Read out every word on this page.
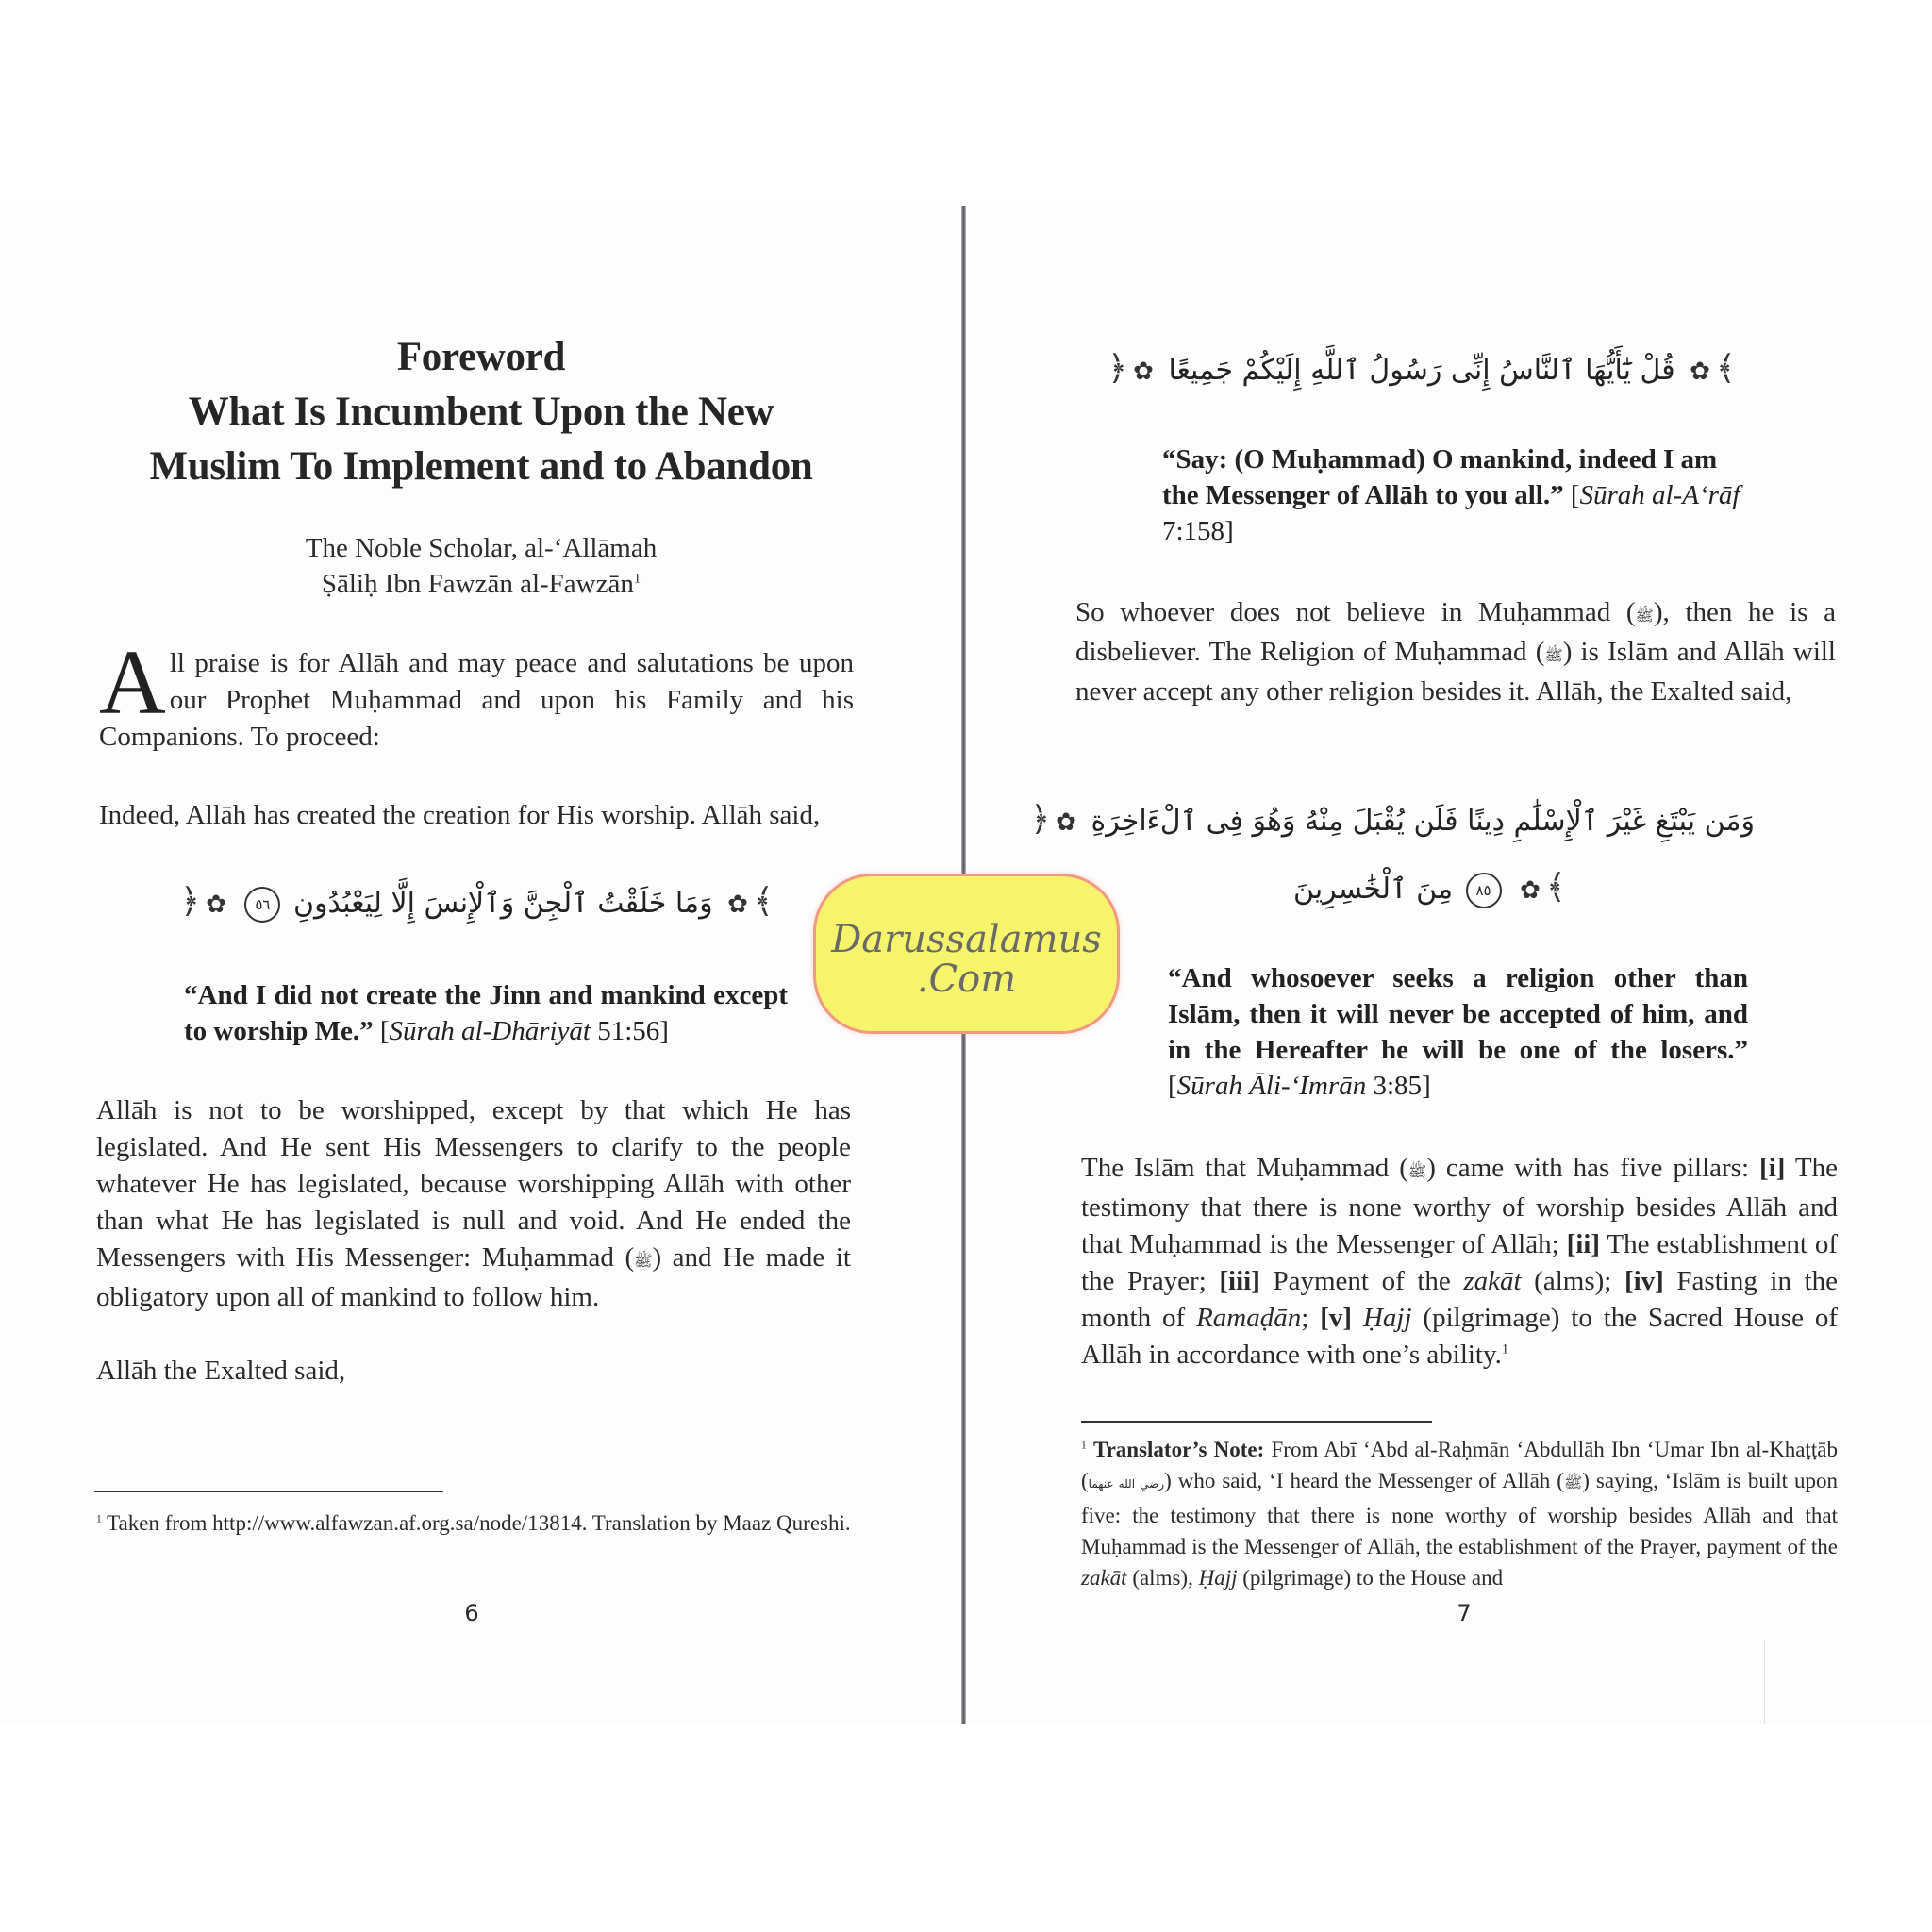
Foreword
What Is Incumbent Upon the New
Muslim To Implement and to Abandon
The Noble Scholar, al-‘Allāmah
Ṣāliḥ Ibn Fawzān al-Fawzān$^1$
All praise is for Allāh and may peace and salutations be upon our Prophet Muḥammad and upon his Family and his Companions. To proceed:
Indeed, Allāh has created the creation for His worship. Allāh said,
﴾✿ وَمَا خَلَقْتُ ٱلْجِنَّ وَٱلْإِنسَ إِلَّا لِيَعْبُدُونِ ٥٦ ✿﴿
“And I did not create the Jinn and mankind except to worship Me.” [Sūrah al-Dhāriyāt 51:56]
Allāh is not to be worshipped, except by that which He has legislated. And He sent His Messengers to clarify to the people whatever He has legislated, because worshipping Allāh with other than what He has legislated is null and void. And He ended the Messengers with His Messenger: Muḥammad (ﷺ) and He made it obligatory upon all of mankind to follow him.
Allāh the Exalted said,
$^1$ Taken from http://www.alfawzan.af.org.sa/node/13814. Translation by Maaz Qureshi.
6
﴾✿ قُلْ يَٰٓأَيُّهَا ٱلنَّاسُ إِنِّى رَسُولُ ٱللَّهِ إِلَيْكُمْ جَمِيعًا ✿﴿
“Say: (O Muḥammad) O mankind, indeed I am the Messenger of Allāh to you all.” [Sūrah al-A‘rāf 7:158]
So whoever does not believe in Muḥammad (ﷺ), then he is a disbeliever. The Religion of Muḥammad (ﷺ) is Islām and Allāh will never accept any other religion besides it. Allāh, the Exalted said,
وَمَن يَبْتَغِ غَيْرَ ٱلْإِسْلَٰمِ دِينًا فَلَن يُقْبَلَ مِنْهُ وَهُوَ فِى ٱلْءَاخِرَةِ ✿﴿
﴾✿ ٨٥ مِنَ ٱلْخَٰسِرِينَ
“And whosoever seeks a religion other than Islām, then it will never be accepted of him, and in the Hereafter he will be one of the losers.” [Sūrah Āli-‘Imrān 3:85]
The Islām that Muḥammad (ﷺ) came with has five pillars: [i] The testimony that there is none worthy of worship besides Allāh and that Muḥammad is the Messenger of Allāh; [ii] The establishment of the Prayer; [iii] Payment of the zakāt (alms); [iv] Fasting in the month of Ramaḍān; [v] Ḥajj (pilgrimage) to the Sacred House of Allāh in accordance with one’s ability.$^1$
$^1$ Translator’s Note: From Abī ‘Abd al-Raḥmān ‘Abdullāh Ibn ‘Umar Ibn al-Khaṭṭāb (رضي الله عنهما) who said, ‘I heard the Messenger of Allāh (ﷺ) saying, ‘Islām is built upon five: the testimony that there is none worthy of worship besides Allāh and that Muḥammad is the Messenger of Allāh, the establishment of the Prayer, payment of the zakāt (alms), Ḥajj (pilgrimage) to the House and
7
Darussalamus
.Com
